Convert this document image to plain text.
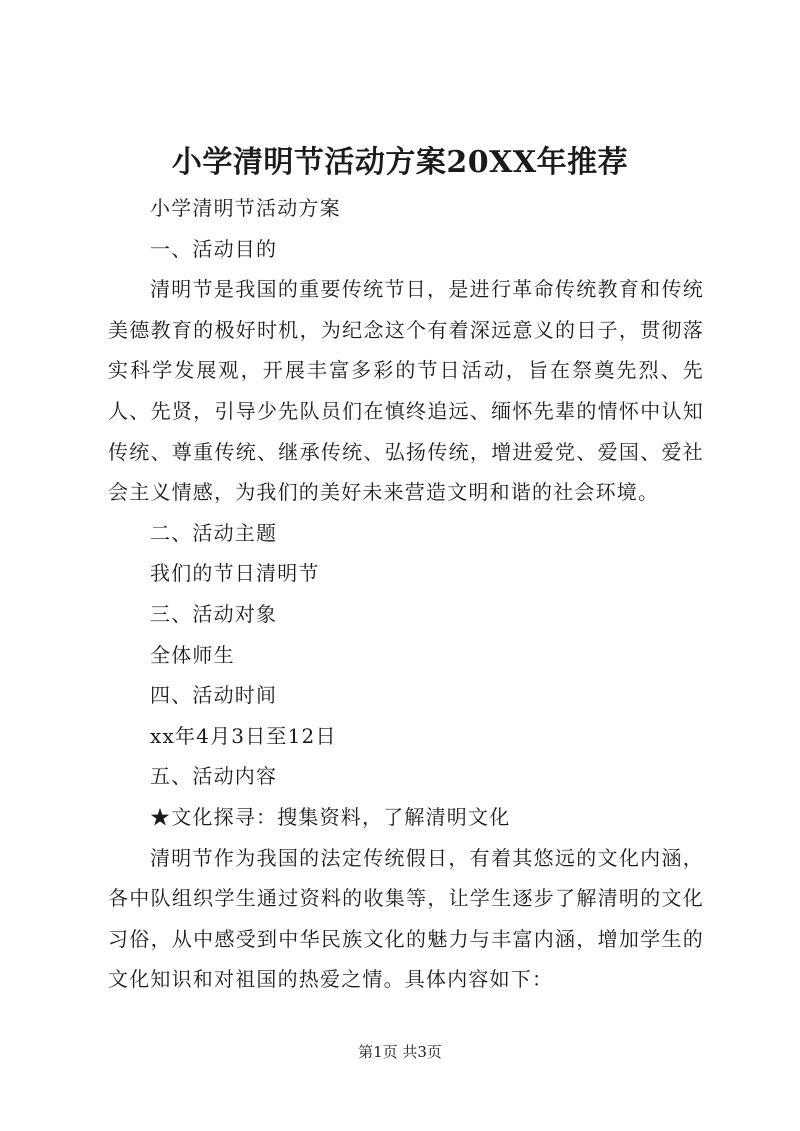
小学清明节活动方案20XX年推荐

小学清明节活动方案

一、活动目的

清明节是我国的重要传统节日，是进行革命传统教育和传统美德教育的极好时机，为纪念这个有着深远意义的日子，贯彻落实科学发展观，开展丰富多彩的节日活动，旨在祭奠先烈、先人、先贤，引导少先队员们在慎终追远、缅怀先辈的情怀中认知传统、尊重传统、继承传统、弘扬传统，增进爱党、爱国、爱社会主义情感，为我们的美好未来营造文明和谐的社会环境。

二、活动主题

我们的节日清明节

三、活动对象

全体师生

四、活动时间

xx年4月3日至12日

五、活动内容

★文化探寻：搜集资料，了解清明文化

清明节作为我国的法定传统假日，有着其悠远的文化内涵，各中队组织学生通过资料的收集等，让学生逐步了解清明的文化习俗，从中感受到中华民族文化的魅力与丰富内涵，增加学生的文化知识和对祖国的热爱之情。具体内容如下：

第1页 共3页
